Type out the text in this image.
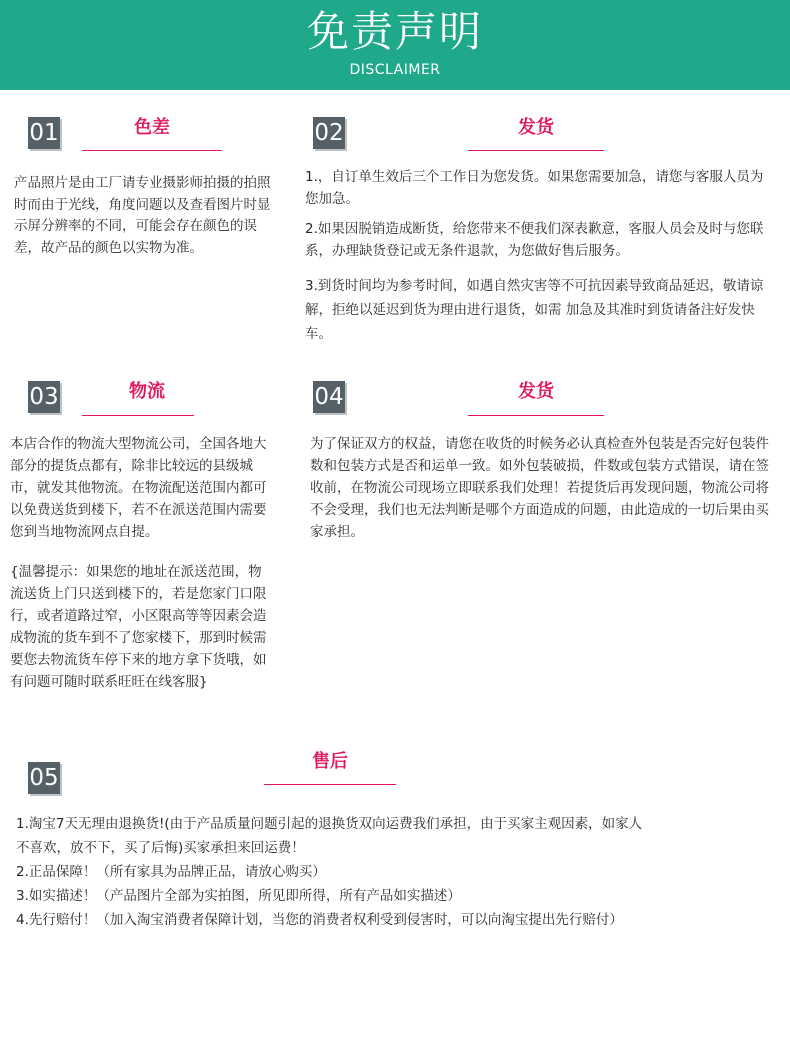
免责声明
DISCLAIMER
01	色差

产品照片是由工厂请专业摄影师拍摄的拍照时而由于光线，角度问题以及查看图片时显示屏分辨率的不同，可能会存在颜色的误差，故产品的颜色以实物为准。

02	发货

1.，自订单生效后三个工作日为您发货。如果您需要加急，请您与客服人员为您加急。

2.如果因脱销造成断货，给您带来不便我们深表歉意，客服人员会及时与您联系，办理缺货登记或无条件退款，为您做好售后服务。

3.到货时间均为参考时间，如遇自然灾害等不可抗因素导致商品延迟，敬请谅解，拒绝以延迟到货为理由进行退货，如需 加急及其准时到货请备注好发快车。

03	物流

本店合作的物流大型物流公司，全国各地大部分的提货点都有，除非比较远的县级城市，就发其他物流。在物流配送范围内都可以免费送货到楼下，若不在派送范围内需要您到当地物流网点自提。

{温馨提示：如果您的地址在派送范围，物流送货上门只送到楼下的，若是您家门口限行，或者道路过窄，小区限高等等因素会造成物流的货车到不了您家楼下，那到时候需要您去物流货车停下来的地方拿下货哦，如有问题可随时联系旺旺在线客服}

04	发货

为了保证双方的权益，请您在收货的时候务必认真检查外包装是否完好包装件数和包装方式是否和运单一致。如外包装破损，件数或包装方式错误，请在签收前，在物流公司现场立即联系我们处理！若提货后再发现问题，物流公司将不会受理，我们也无法判断是哪个方面造成的问题，由此造成的一切后果由买家承担。

05
售后
1.淘宝7天无理由退换货!(由于产品质量问题引起的退换货双向运费我们承担，由于买家主观因素，如家人
不喜欢，放不下，买了后悔)买家承担来回运费！
2.正品保障！（所有家具为品牌正品，请放心购买）
3.如实描述！（产品图片全部为实拍图，所见即所得，所有产品如实描述）
4.先行赔付！（加入淘宝消费者保障计划，当您的消费者权利受到侵害时，可以向淘宝提出先行赔付）
